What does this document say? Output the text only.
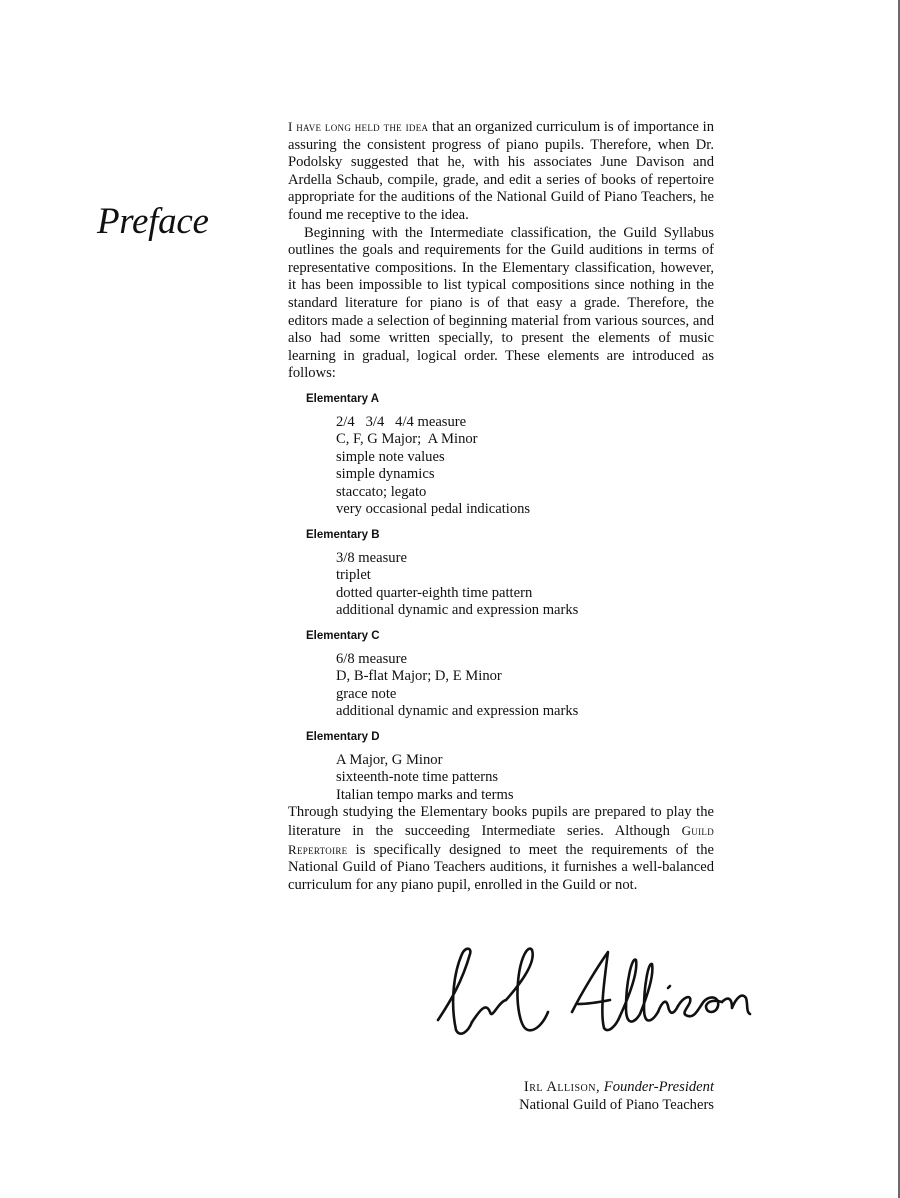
Preface

I have long held the idea that an organized curriculum is of importance in assuring the consistent progress of piano pupils. Therefore, when Dr. Podolsky suggested that he, with his associates June Davison and Ardella Schaub, compile, grade, and edit a series of books of repertoire appropriate for the auditions of the National Guild of Piano Teachers, he found me receptive to the idea.

Beginning with the Intermediate classification, the Guild Syllabus outlines the goals and requirements for the Guild auditions in terms of representative compositions. In the Elementary classification, however, it has been impossible to list typical compositions since nothing in the standard literature for piano is of that easy a grade. Therefore, the editors made a selection of beginning material from various sources, and also had some written specially, to present the elements of music learning in gradual, logical order. These elements are introduced as follows:

Elementary A
2/4   3/4   4/4 measure
C, F, G Major;  A Minor
simple note values
simple dynamics
staccato; legato
very occasional pedal indications
Elementary B
3/8 measure
triplet
dotted quarter-eighth time pattern
additional dynamic and expression marks
Elementary C
6/8 measure
D, B-flat Major; D, E Minor
grace note
additional dynamic and expression marks
Elementary D
A Major, G Minor
sixteenth-note time patterns
Italian tempo marks and terms

Through studying the Elementary books pupils are prepared to play the literature in the succeeding Intermediate series. Although Guild Repertoire is specifically designed to meet the requirements of the National Guild of Piano Teachers auditions, it furnishes a well-balanced curriculum for any piano pupil, enrolled in the Guild or not.

Irl Allison, Founder-President
National Guild of Piano Teachers
